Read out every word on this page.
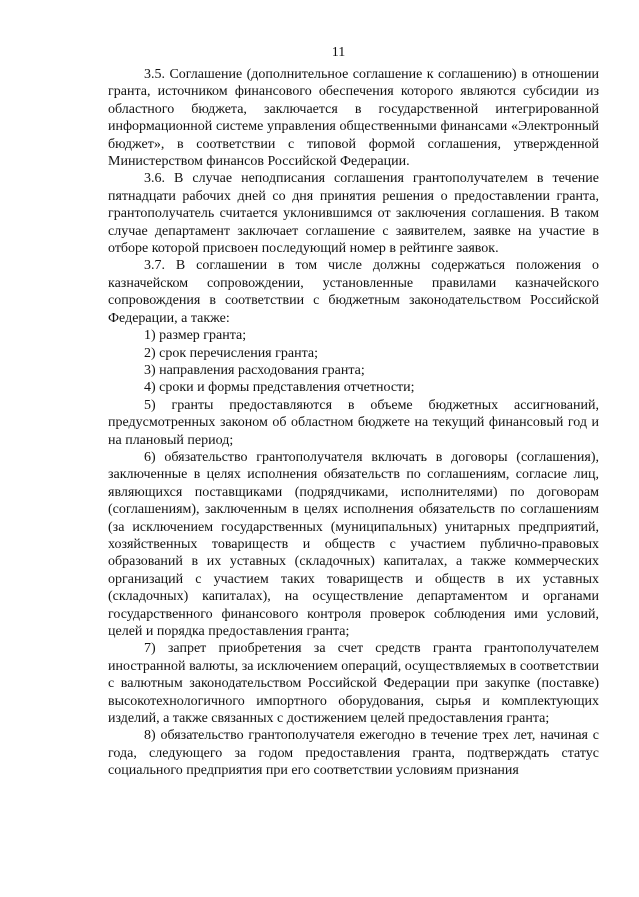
11

3.5. Соглашение (дополнительное соглашение к соглашению) в отношении гранта, источником финансового обеспечения которого являются субсидии из областного бюджета, заключается в государственной интегрированной информационной системе управления общественными финансами «Электронный бюджет», в соответствии с типовой формой соглашения, утвержденной Министерством финансов Российской Федерации.

3.6. В случае неподписания соглашения грантополучателем в течение пятнадцати рабочих дней со дня принятия решения о предоставлении гранта, грантополучатель считается уклонившимся от заключения соглашения. В таком случае департамент заключает соглашение с заявителем, заявке на участие в отборе которой присвоен последующий номер в рейтинге заявок.

3.7. В соглашении в том числе должны содержаться положения о казначейском сопровождении, установленные правилами казначейского сопровождения в соответствии с бюджетным законодательством Российской Федерации, а также:

1) размер гранта;

2) срок перечисления гранта;

3) направления расходования гранта;

4) сроки и формы представления отчетности;

5) гранты предоставляются в объеме бюджетных ассигнований, предусмотренных законом об областном бюджете на текущий финансовый год и на плановый период;

6) обязательство грантополучателя включать в договоры (соглашения), заключенные в целях исполнения обязательств по соглашениям, согласие лиц, являющихся поставщиками (подрядчиками, исполнителями) по договорам (соглашениям), заключенным в целях исполнения обязательств по соглашениям (за исключением государственных (муниципальных) унитарных предприятий, хозяйственных товариществ и обществ с участием публично-правовых образований в их уставных (складочных) капиталах, а также коммерческих организаций с участием таких товариществ и обществ в их уставных (складочных) капиталах), на осуществление департаментом и органами государственного финансового контроля проверок соблюдения ими условий, целей и порядка предоставления гранта;

7) запрет приобретения за счет средств гранта грантополучателем иностранной валюты, за исключением операций, осуществляемых в соответствии с валютным законодательством Российской Федерации при закупке (поставке) высокотехнологичного импортного оборудования, сырья и комплектующих изделий, а также связанных с достижением целей предоставления гранта;

8) обязательство грантополучателя ежегодно в течение трех лет, начиная с года, следующего за годом предоставления гранта, подтверждать статус социального предприятия при его соответствии условиям признания
